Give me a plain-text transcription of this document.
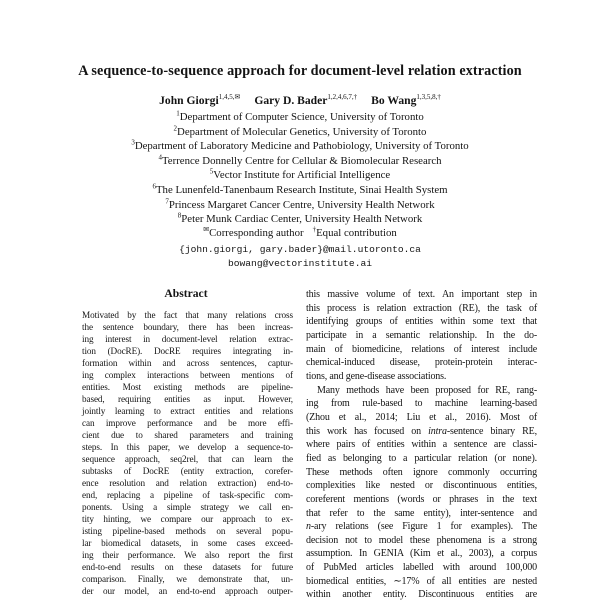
A sequence-to-sequence approach for document-level relation extraction
John Giorgi$^{1,4,5,✉}$ Gary D. Bader$^{1,2,4,6,7,\dagger}$ Bo Wang$^{1,3,5,8,\dagger}$
$^1$Department of Computer Science, University of Toronto
$^2$Department of Molecular Genetics, University of Toronto
$^3$Department of Laboratory Medicine and Pathobiology, University of Toronto
$^4$Terrence Donnelly Centre for Cellular & Biomolecular Research
$^5$Vector Institute for Artificial Intelligence
$^6$The Lunenfeld-Tanenbaum Research Institute, Sinai Health System
$^7$Princess Margaret Cancer Centre, University Health Network
$^8$Peter Munk Cardiac Center, University Health Network
✉Corresponding author †Equal contribution
{john.giorgi, gary.bader}@mail.utoronto.ca
bowang@vectorinstitute.ai
Abstract
Motivated by the fact that many relations cross
the sentence boundary, there has been increas-
ing interest in document-level relation extrac-
tion (DocRE). DocRE requires integrating in-
formation within and across sentences, captur-
ing complex interactions between mentions of
entities. Most existing methods are pipeline-
based, requiring entities as input. However,
jointly learning to extract entities and relations
can improve performance and be more effi-
cient due to shared parameters and training
steps. In this paper, we develop a sequence-to-
sequence approach, seq2rel, that can learn the
subtasks of DocRE (entity extraction, corefer-
ence resolution and relation extraction) end-to-
end, replacing a pipeline of task-specific com-
ponents. Using a simple strategy we call en-
tity hinting, we compare our approach to ex-
isting pipeline-based methods on several popu-
lar biomedical datasets, in some cases exceed-
ing their performance. We also report the first
end-to-end results on these datasets for future
comparison. Finally, we demonstrate that, un-
der our model, an end-to-end approach outper-
this massive volume of text. An important step in
this process is relation extraction (RE), the task of
identifying groups of entities within some text that
participate in a semantic relationship. In the do-
main of biomedicine, relations of interest include
chemical-induced disease, protein-protein interac-
tions, and gene-disease associations.
Many methods have been proposed for RE, rang-
ing from rule-based to machine learning-based
(Zhou et al., 2014; Liu et al., 2016). Most of
this work has focused on intra-sentence binary RE,
where pairs of entities within a sentence are classi-
fied as belonging to a particular relation (or none).
These methods often ignore commonly occurring
complexities like nested or discontinuous entities,
coreferent mentions (words or phrases in the text
that refer to the same entity), inter-sentence and
n-ary relations (see Figure 1 for examples). The
decision not to model these phenomena is a strong
assumption. In GENIA (Kim et al., 2003), a corpus
of PubMed articles labelled with around 100,000
biomedical entities, ∼17% of all entities are nested
within another entity. Discontinuous entities are
